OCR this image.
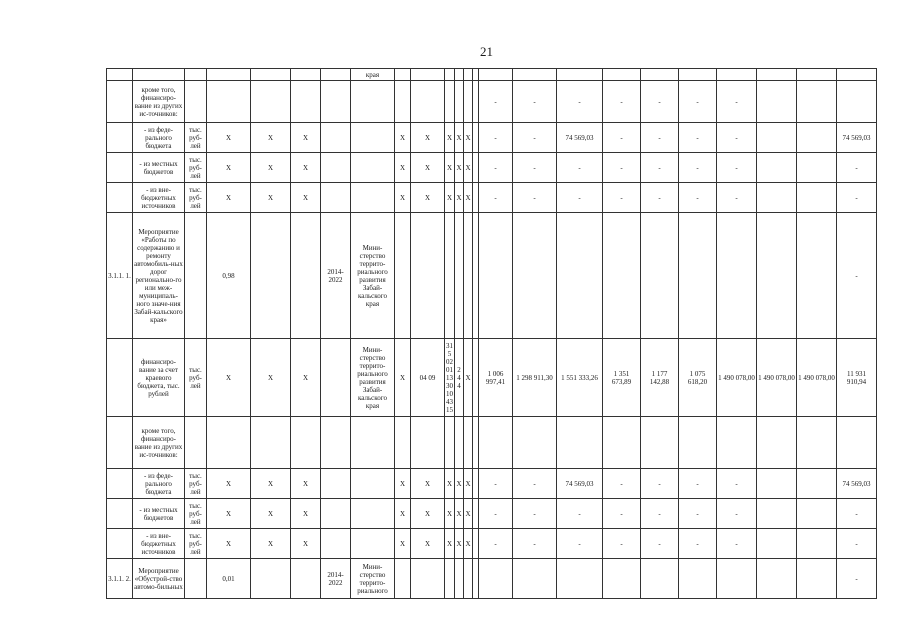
21
							края																	
	кроме того, финансиро-вание из других ис-точников:													-	-	-	-	-	-	-				
	- из феде-рального бюджета	тыс. руб-лей	X	X	X			X	X	X	X	X		-	-	74 569,03	-	-	-	-				74 569,03
	- из местных бюджетов	тыс. руб-лей	X	X	X			X	X	X	X	X		-	-	-	-	-	-	-				-
	- из вне-бюджетных источников	тыс. руб-лей	X	X	X			X	X	X	X	X		-	-	-	-	-	-	-				-
3.1.1. 1.	Мероприятие «Работы по содержанию и ремонту автомобиль-ных дорог регионально-го или меж-муниципаль-ного значе-ния Забай-кальского края»		0,98			2014-2022	Мини-стерство террито-риального развития Забай-кальского края																	-
	финансиро-вание за счет краевого бюджета, тыс. рублей	тыс. руб-лей	X	X	X		Мини-стерство террито-риального развития Забай-кальского края	X	04 09	315 02 01 13301043 15	2 4 4	X		1 006 997,41	1 298 911,30	1 551 333,26	1 351 673,89	1 177 142,88	1 075 618,20	1 490 078,00	1 490 078,00	1 490 078,00		11 931 910,94
	кроме того, финансиро-вание из других ис-точников:																							
	- из феде-рального бюджета	тыс. руб-лей	X	X	X			X	X	X	X	X		-	-	74 569,03	-	-	-	-				74 569,03
	- из местных бюджетов	тыс. руб-лей	X	X	X			X	X	X	X	X		-	-	-	-	-	-	-				-
	- из вне-бюджетных источников	тыс. руб-лей	X	X	X			X	X	X	X	X		-	-	-	-	-	-	-				-
3.1.1. 2.	Мероприятие «Обустрой-ство автомо-бильных		0,01			2014-2022	Мини-стерство террито-риального																	-
